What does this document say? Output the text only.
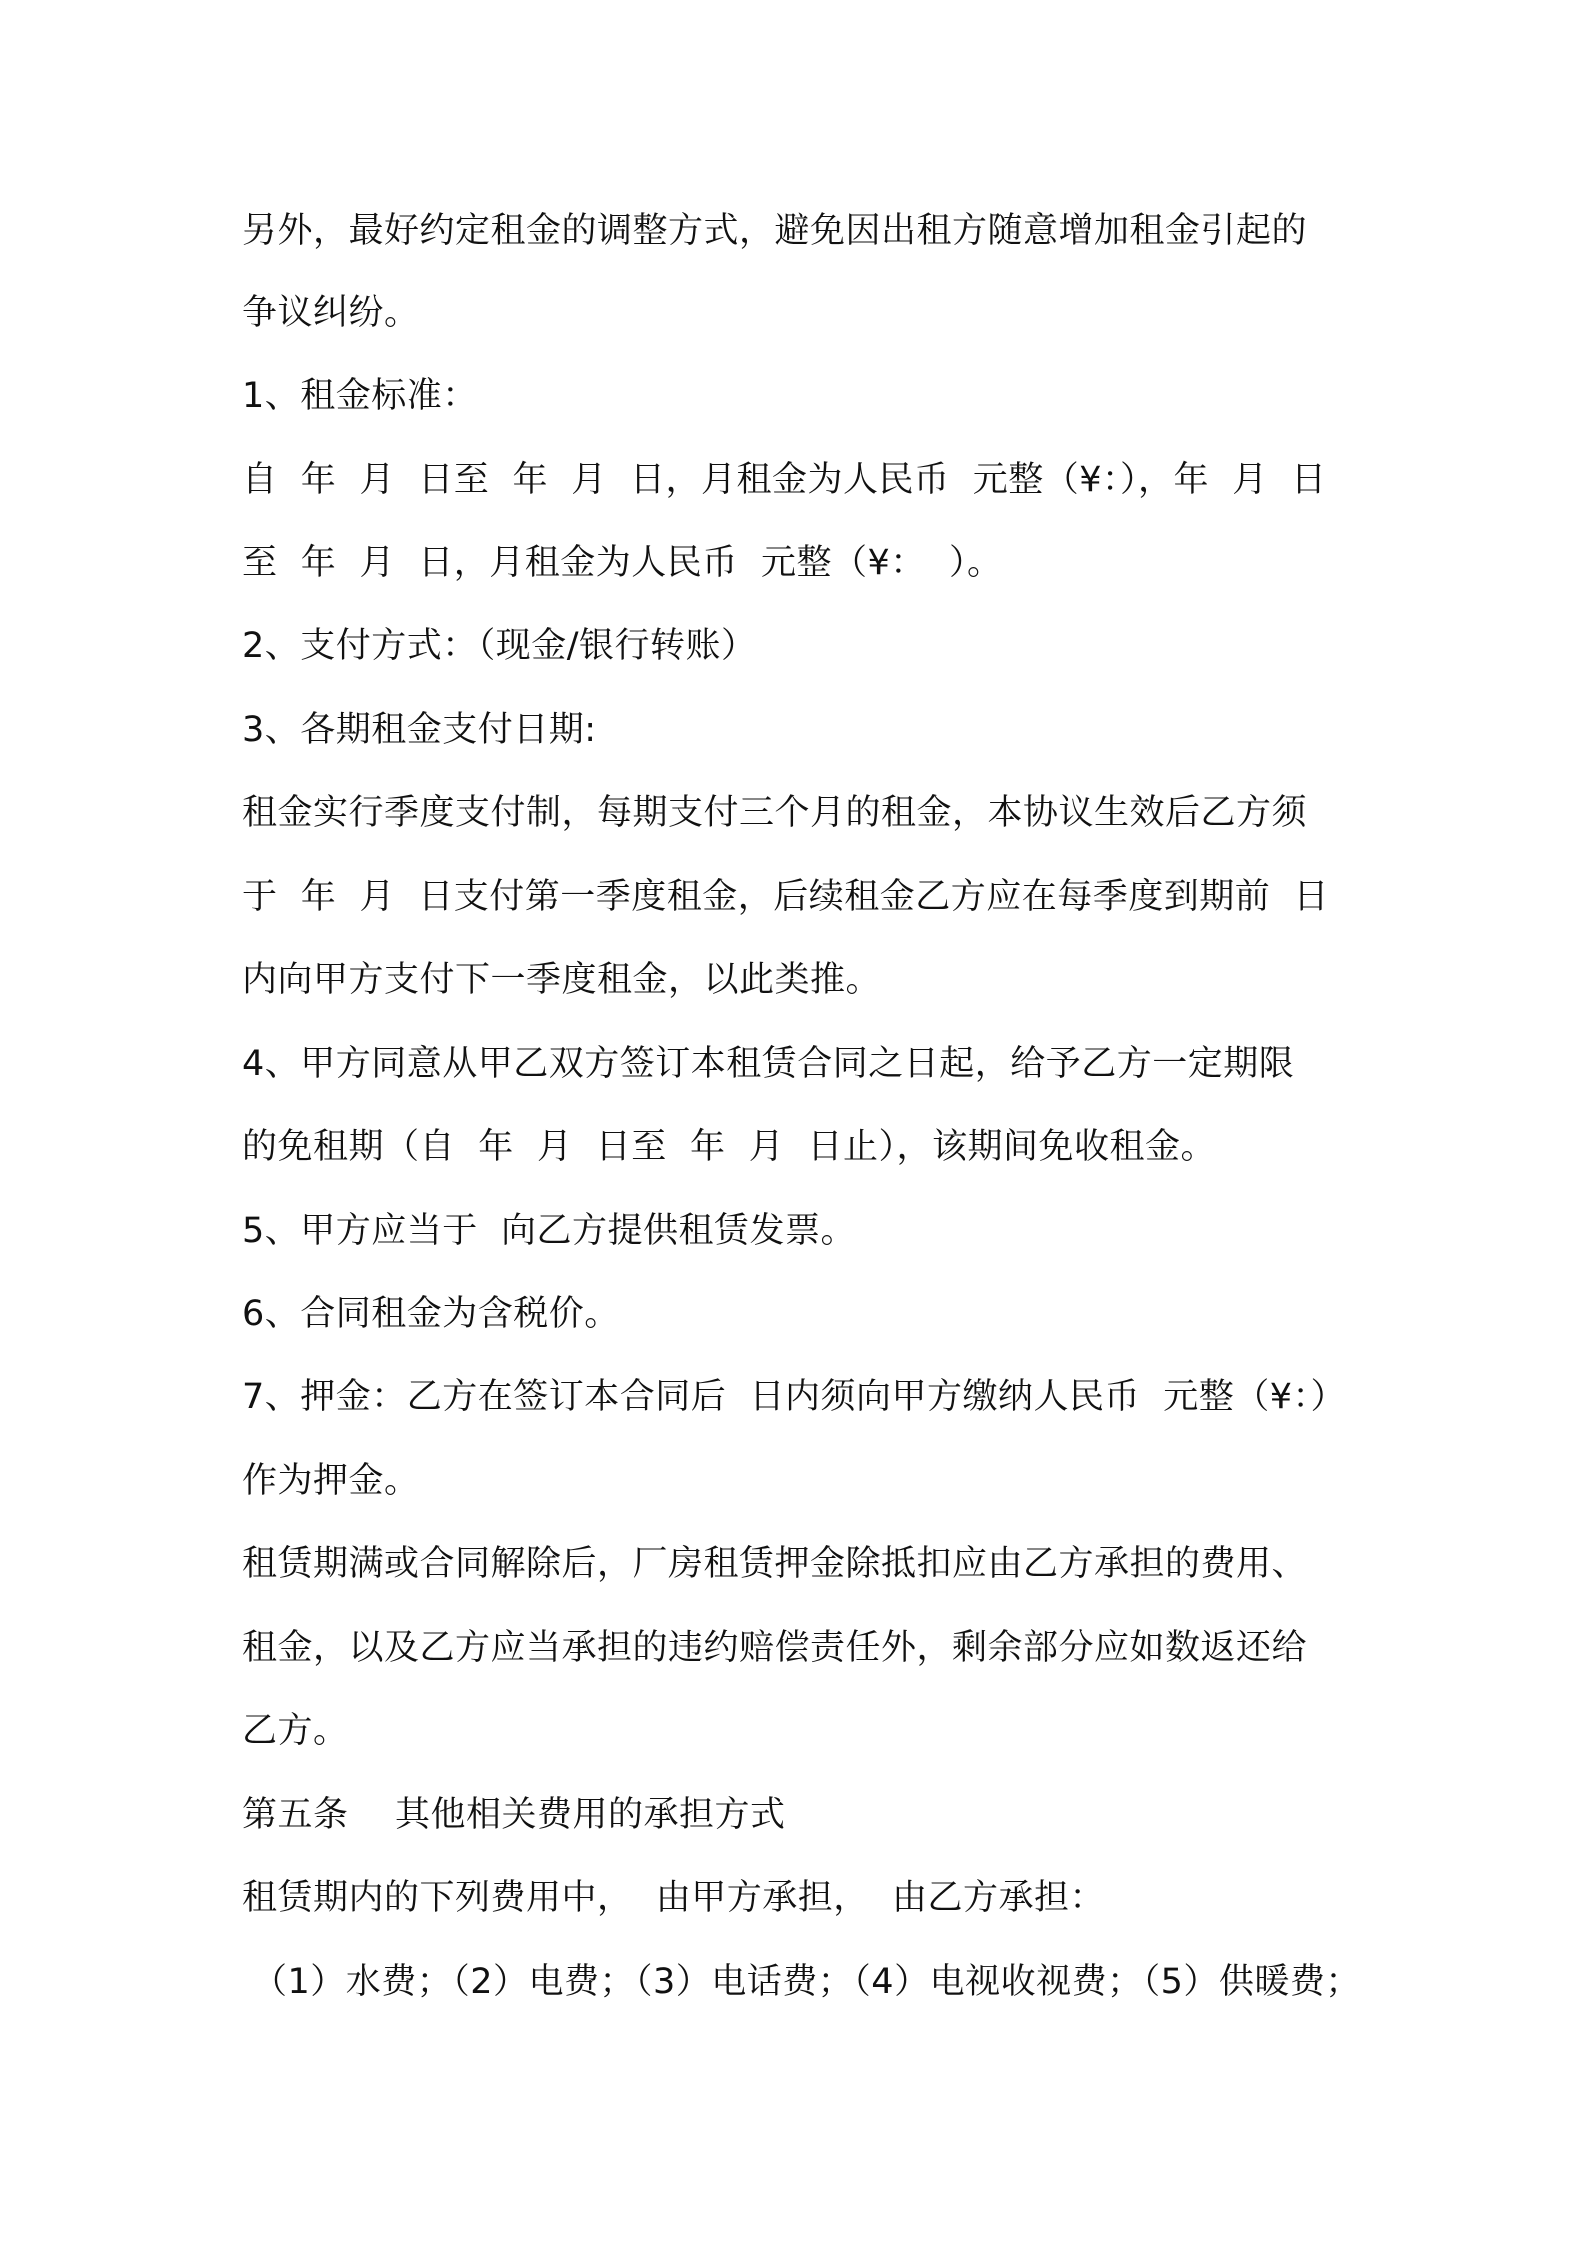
另外，最好约定租金的调整方式，避免因出租方随意增加租金引起的
争议纠纷。
1、租金标准：
自  年  月  日至  年  月  日，月租金为人民币  元整（¥：），年  月  日
至  年  月  日，月租金为人民币  元整（¥：  ）。
2、支付方式：（现金/银行转账）
3、各期租金支付日期:
租金实行季度支付制，每期支付三个月的租金，本协议生效后乙方须
于  年  月  日支付第一季度租金，后续租金乙方应在每季度到期前  日
内向甲方支付下一季度租金，以此类推。
4、甲方同意从甲乙双方签订本租赁合同之日起，给予乙方一定期限
的免租期（自  年  月  日至  年  月  日止），该期间免收租金。
5、甲方应当于  向乙方提供租赁发票。
6、合同租金为含税价。
7、押金：乙方在签订本合同后  日内须向甲方缴纳人民币  元整（¥：）
作为押金。
租赁期满或合同解除后，厂房租赁押金除抵扣应由乙方承担的费用、
租金，以及乙方应当承担的违约赔偿责任外，剩余部分应如数返还给
乙方。
第五条    其他相关费用的承担方式
租赁期内的下列费用中，  由甲方承担，  由乙方承担：
（1）水费；（2）电费；（3）电话费；（4）电视收视费；（5）供暖费；
